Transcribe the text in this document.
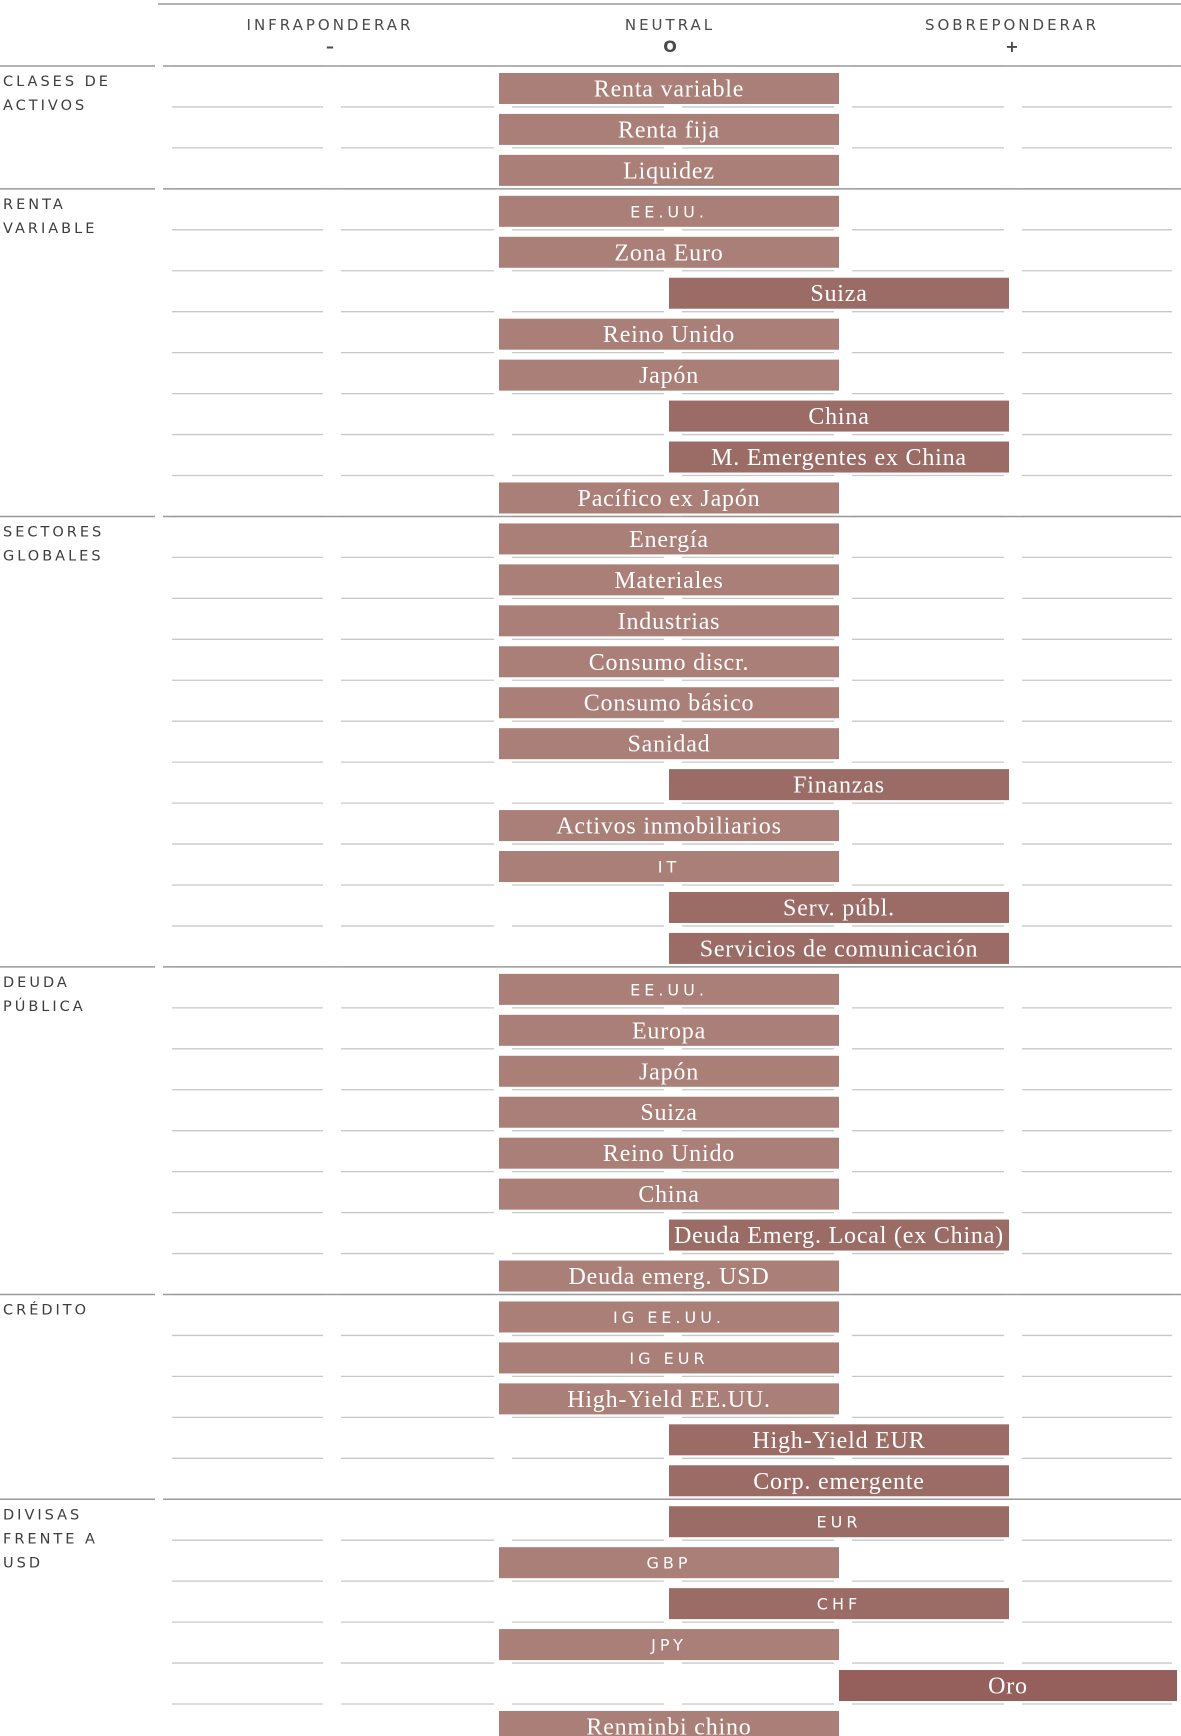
INFRAPONDERAR
–
NEUTRAL
O
SOBREPONDERAR
+
CLASES DE
ACTIVOS
RENTA
VARIABLE
SECTORES
GLOBALES
DEUDA
PÚBLICA
CRÉDITO
DIVISAS
FRENTE A
USD
Renta variable
Renta fija
Liquidez
EE.UU.
Zona Euro
Suiza
Reino Unido
Japón
China
M. Emergentes ex China
Pacífico ex Japón
Energía
Materiales
Industrias
Consumo discr.
Consumo básico
Sanidad
Finanzas
Activos inmobiliarios
IT
Serv. públ.
Servicios de comunicación
EE.UU.
Europa
Japón
Suiza
Reino Unido
China
Deuda Emerg. Local (ex China)
Deuda emerg. USD
IG EE.UU.
IG EUR
High-Yield EE.UU.
High-Yield EUR
Corp. emergente
EUR
GBP
CHF
JPY
Oro
Renminbi chino
